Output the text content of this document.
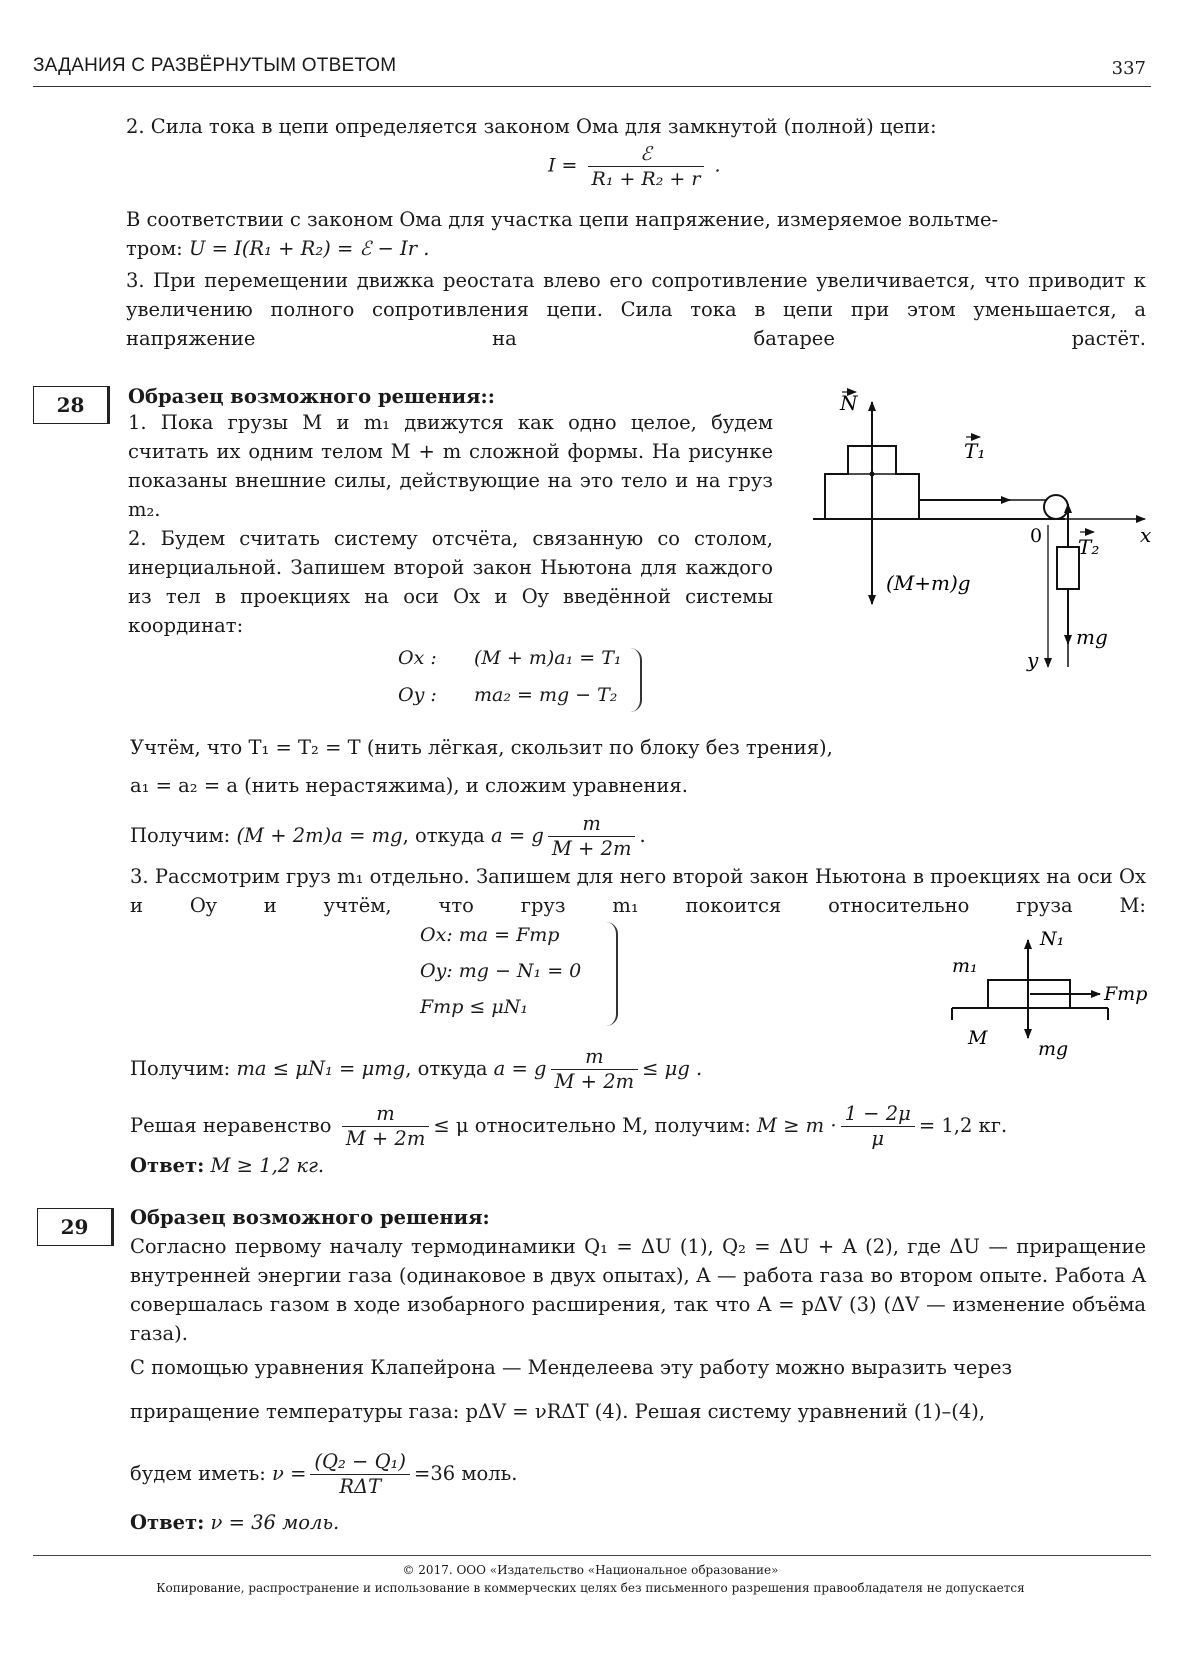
ЗАДАНИЯ С РАЗВЁРНУТЫМ ОТВЕТОМ	337
2. Сила тока в цепи определяется законом Ома для замкнутой (полной) цепи:
$I = \frac{\text{ℰ}}{\text{R₁ + R₂ + r}}$ .
В соответствии с законом Ома для участка цепи напряжение, измеряемое вольтме-
тром: U = I(R₁ + R₂) = ℰ − Ir .
3. При перемещении движка реостата влево его сопротивление увеличивается, что приводит к увеличению полного сопротивления цепи. Сила тока в цепи при этом уменьшается, а напряжение на батарее растёт.
28	Образец возможного решения::
1. Пока грузы M и m₁ движутся как одно целое, будем считать их одним телом M + m сложной формы. На рисунке показаны внешние силы, действующие на это тело и на груз m₂.
2. Будем считать систему отсчёта, связанную со столом, инерциальной. Запишем второй закон Ньютона для каждого из тел в проекциях на оси Ox и Oy введённой системы координат:
Ox : (M + m)a₁ = T₁
Oy : ma₂ = mg − T₂
N
T₁
0	x
T₂
(M+m)g
mg
y
Учтём, что T₁ = T₂ = T (нить лёгкая, скользит по блоку без трения),
a₁ = a₂ = a (нить нерастяжима), и сложим уравнения.
Получим: (M + 2m)a = mg, откуда a = g $\frac{m}{M + 2m}$ .
3. Рассмотрим груз m₁ отдельно. Запишем для него второй закон Ньютона в проекциях на оси Ox и Oy и учтём, что груз m₁ покоится относительно груза M:
Ox: ma = Fтр
Oy: mg − N₁ = 0
Fтр ≤ μN₁
N₁
m₁
M
Fтр
mg
Получим: ma ≤ μN₁ = μmg, откуда a = g $\frac{m}{M + 2m} \le \mu g$ .
Решая неравенство $\frac{m}{M + 2m} \le \mu$ относительно M, получим: $M \ge m \cdot \frac{1 - 2\mu}{\mu} = 1,2$ кг.
Ответ: M ≥ 1,2 кг.
29	Образец возможного решения:
Согласно первому началу термодинамики Q₁ = ΔU (1), Q₂ = ΔU + A (2), где ΔU — приращение внутренней энергии газа (одинаковое в двух опытах), A — работа газа во втором опыте. Работа A совершалась газом в ходе изобарного расширения, так что A = pΔV (3) (ΔV — изменение объёма газа).
С помощью уравнения Клапейрона — Менделеева эту работу можно выразить через
приращение температуры газа: pΔV = νRΔT (4). Решая систему уравнений (1)–(4),
будем иметь: $\nu = \frac{\text{(Q₂ − Q₁)}}{\text{RΔT}} =36$ моль.
Ответ: ν = 36 моль.
© 2017. ООО «Издательство «Национальное образование»
Копирование, распространение и использование в коммерческих целях без письменного разрешения правообладателя не допускается
